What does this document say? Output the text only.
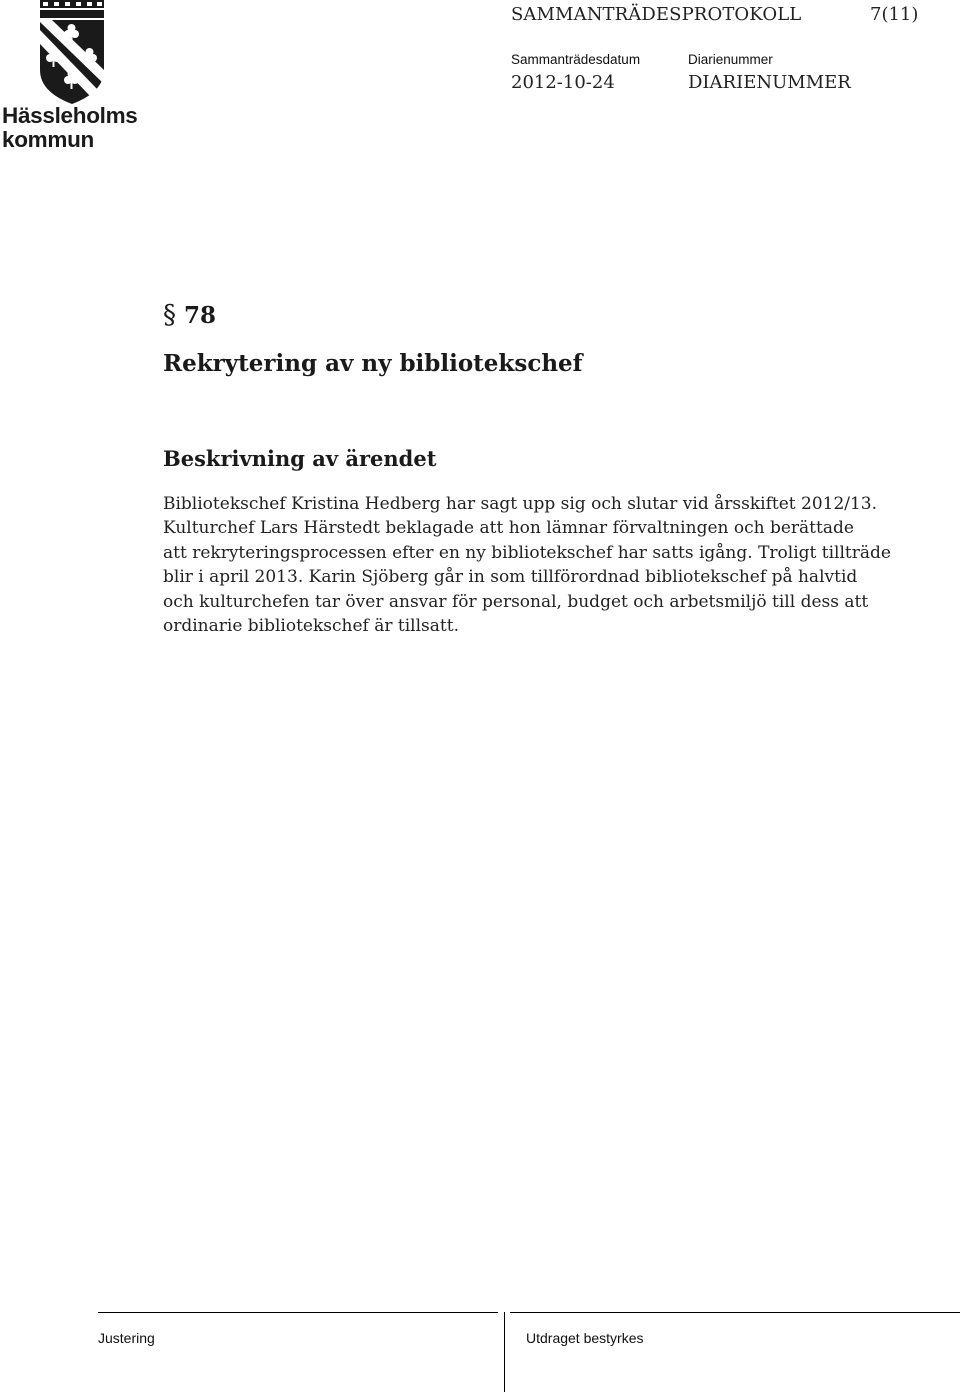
Hässleholms
kommun
SAMMANTRÄDESPROTOKOLL	7(11)
Sammanträdesdatum	Diarienummer
2012-10-24	DIARIENUMMER
§ 78
Rekrytering av ny bibliotekschef
Beskrivning av ärendet
Bibliotekschef Kristina Hedberg har sagt upp sig och slutar vid årsskiftet 2012/13.
Kulturchef Lars Härstedt beklagade att hon lämnar förvaltningen och berättade
att rekryteringsprocessen efter en ny bibliotekschef har satts igång. Troligt tillträde
blir i april 2013. Karin Sjöberg går in som tillförordnad bibliotekschef på halvtid
och kulturchefen tar över ansvar för personal, budget och arbetsmiljö till dess att
ordinarie bibliotekschef är tillsatt.
Justering	Utdraget bestyrkes
